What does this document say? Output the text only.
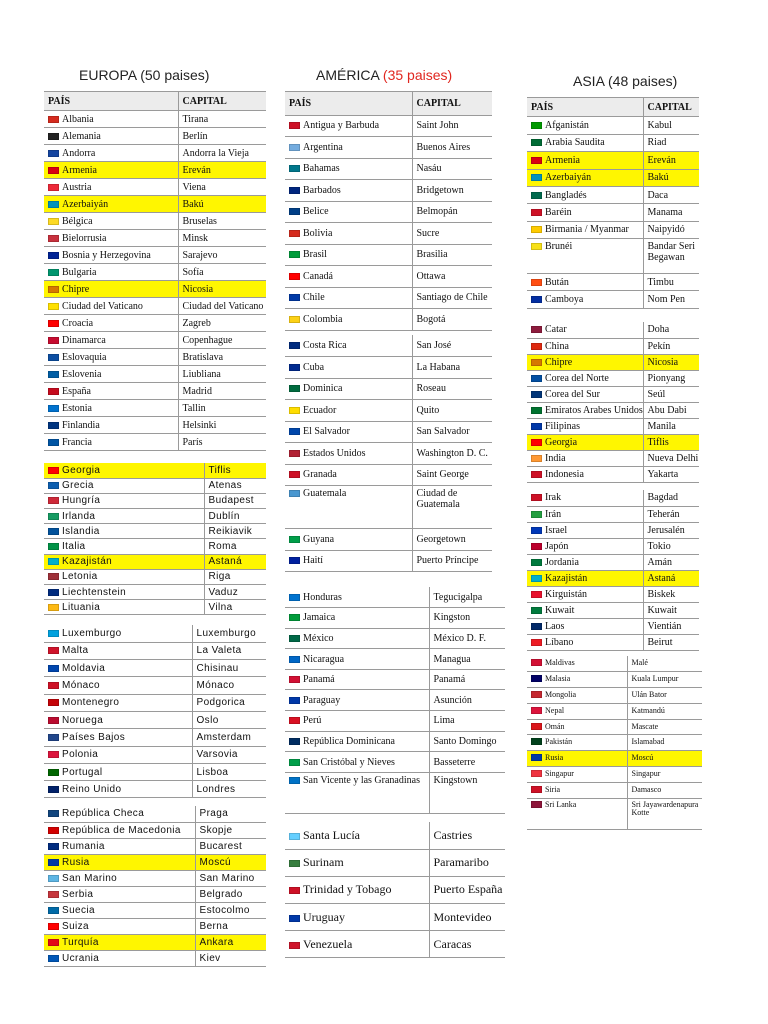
EUROPA (50 paises)	AMÉRICA (35 paises)	ASIA (48 paises)
PAÍS	CAPITAL
Albania	Tirana
Alemania	Berlín
Andorra	Andorra la Vieja
Armenia	Ereván
Austria	Viena
Azerbaiyán	Bakú
Bélgica	Bruselas
Bielorrusia	Minsk
Bosnia y Herzegovina	Sarajevo
Bulgaria	Sofía
Chipre	Nicosia
Ciudad del Vaticano	Ciudad del Vaticano
Croacia	Zagreb
Dinamarca	Copenhague
Eslovaquia	Bratislava
Eslovenia	Liubliana
España	Madrid
Estonia	Tallin
Finlandia	Helsinki
Francia	París
Georgia	Tiflis
Grecia	Atenas
Hungría	Budapest
Irlanda	Dublín
Islandia	Reikiavik
Italia	Roma
Kazajistán	Astaná
Letonia	Riga
Liechtenstein	Vaduz
Lituania	Vilna
Luxemburgo	Luxemburgo
Malta	La Valeta
Moldavia	Chisinau
Mónaco	Mónaco
Montenegro	Podgorica
Noruega	Oslo
Países Bajos	Amsterdam
Polonia	Varsovia
Portugal	Lisboa
Reino Unido	Londres
República Checa	Praga
República de Macedonia	Skopje
Rumania	Bucarest
Rusia	Moscú
San Marino	San Marino
Serbia	Belgrado
Suecia	Estocolmo
Suiza	Berna
Turquía	Ankara
Ucrania	Kiev
PAÍS	CAPITAL
Antigua y Barbuda	Saint John
Argentina	Buenos Aires
Bahamas	Nasáu
Barbados	Bridgetown
Belice	Belmopán
Bolivia	Sucre
Brasil	Brasilia
Canadá	Ottawa
Chile	Santiago de Chile
Colombia	Bogotá
Costa Rica	San José
Cuba	La Habana
Dominica	Roseau
Ecuador	Quito
El Salvador	San Salvador
Estados Unidos	Washington D. C.
Granada	Saint George
Guatemala	Ciudad de Guatemala
Guyana	Georgetown
Haití	Puerto Príncipe
Honduras	Tegucigalpa
Jamaica	Kingston
México	México D. F.
Nicaragua	Managua
Panamá	Panamá
Paraguay	Asunción
Perú	Lima
República Dominicana	Santo Domingo
San Cristóbal y Nieves	Basseterre
San Vicente y las Granadinas	Kingstown
Santa Lucía	Castries
Surinam	Paramaribo
Trinidad y Tobago	Puerto España
Uruguay	Montevideo
Venezuela	Caracas
PAÍS	CAPITAL
Afganistán	Kabul
Arabia Saudita	Riad
Armenia	Ereván
Azerbaiyán	Bakú
Bangladés	Daca
Baréin	Manama
Birmania / Myanmar	Naipyidó
Brunéi	Bandar Seri Begawan
Bután	Timbu
Camboya	Nom Pen
Catar	Doha
China	Pekín
Chipre	Nicosia
Corea del Norte	Pionyang
Corea del Sur	Seúl
Emiratos Arabes Unidos	Abu Dabi
Filipinas	Manila
Georgia	Tiflis
India	Nueva Delhi
Indonesia	Yakarta
Irak	Bagdad
Irán	Teherán
Israel	Jerusalén
Japón	Tokio
Jordania	Amán
Kazajistán	Astaná
Kirguistán	Biskek
Kuwait	Kuwait
Laos	Vientián
Líbano	Beirut
Maldivas	Malé
Malasia	Kuala Lumpur
Mongolia	Ulán Bator
Nepal	Katmandú
Omán	Mascate
Pakistán	Islamabad
Rusia	Moscú
Singapur	Singapur
Siria	Damasco
Sri Lanka	Sri Jayawardenapura Kotte
